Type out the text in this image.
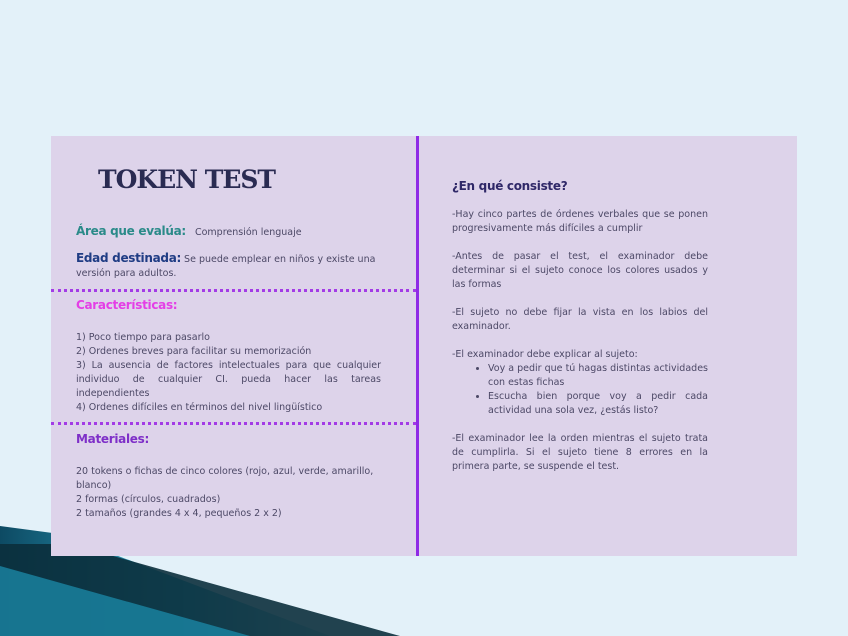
TOKEN TEST
Área que evalúa: Comprensión lenguaje
Edad destinada: Se puede emplear en niños y existe una versión para adultos.
Características:
1) Poco tiempo para pasarlo
2) Ordenes breves para facilitar su memorización
3) La ausencia de factores intelectuales para que cualquier individuo de cualquier CI. pueda hacer las tareas independientes
4) Ordenes difíciles en términos del nivel lingüístico
Materiales:
20 tokens o fichas de cinco colores (rojo, azul, verde, amarillo, blanco)
2 formas (círculos, cuadrados)
2 tamaños (grandes 4 x 4, pequeños 2 x 2)
¿En qué consiste?
-Hay cinco partes de órdenes verbales que se ponen progresivamente más difíciles a cumplir
-Antes de pasar el test, el examinador debe determinar si el sujeto conoce los colores usados y las formas
-El sujeto no debe fijar la vista en los labios del examinador.
-El examinador debe explicar al sujeto:
• Voy a pedir que tú hagas distintas actividades con estas fichas
• Escucha bien porque voy a pedir cada actividad una sola vez, ¿estás listo?
-El examinador lee la orden mientras el sujeto trata de cumplirla. Si el sujeto tiene 8 errores en la primera parte, se suspende el test.
